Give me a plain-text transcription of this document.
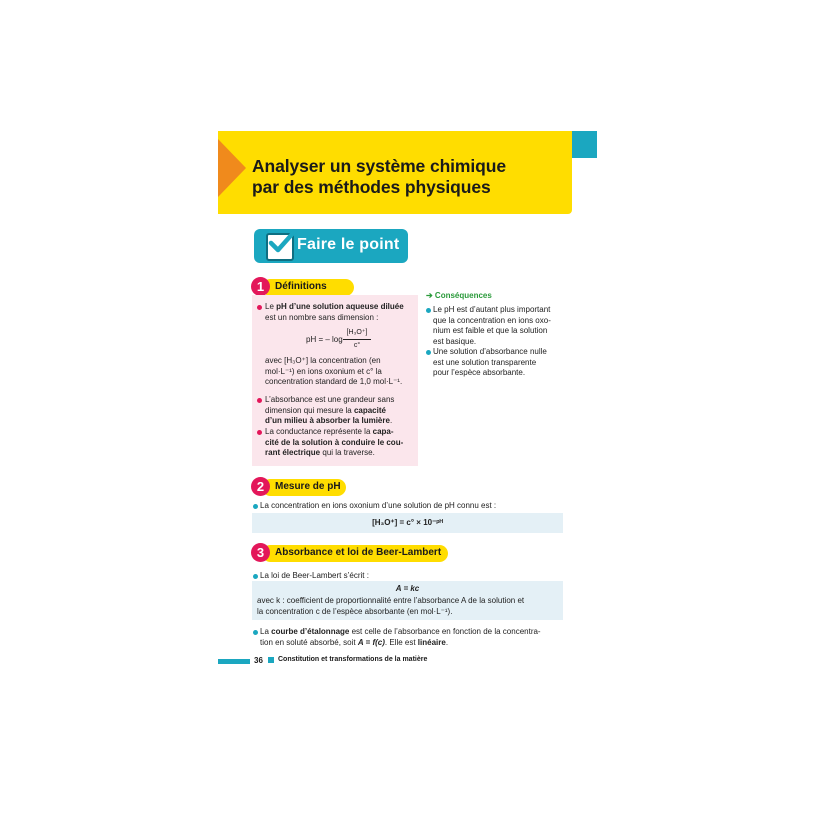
Analyser un système chimique
par des méthodes physiques
Faire le point
1	Définitions
Le pH d’une solution aqueuse diluée est un nombre sans dimension :
pH = – log
[H₃O⁺]
c°
avec [H₃O⁺] la concentration (en
mol·L⁻¹) en ions oxonium et c° la
concentration standard de 1,0 mol·L⁻¹.
L’absorbance est une grandeur sans
dimension qui mesure la capacité
d’un milieu à absorber la lumière.
La conductance représente la capa-
cité de la solution à conduire le cou-
rant électrique qui la traverse.
➔ Conséquences
Le pH est d’autant plus important
que la concentration en ions oxo-
nium est faible et que la solution
est basique.
Une solution d’absorbance nulle
est une solution transparente
pour l’espèce absorbante.
2	Mesure de pH
La concentration en ions oxonium d’une solution de pH connu est :
[H₃O⁺] = c° × 10⁻ᵖᴴ
3	Absorbance et loi de Beer-Lambert
La loi de Beer-Lambert s’écrit :
A = kc
avec k : coefficient de proportionnalité entre l’absorbance A de la solution et
la concentration c de l’espèce absorbante (en mol·L⁻¹).
La courbe d’étalonnage est celle de l’absorbance en fonction de la concentra-
tion en soluté absorbé, soit A = f(c). Elle est linéaire.
36 Constitution et transformations de la matière
